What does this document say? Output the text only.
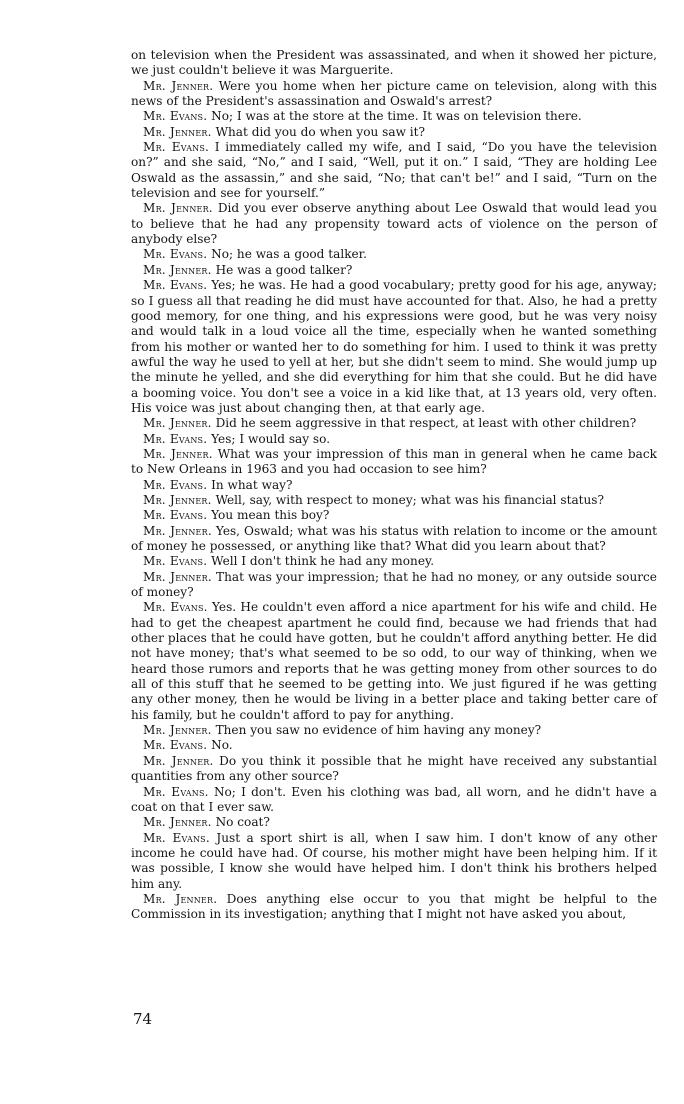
on television when the President was assassinated, and when it showed her picture, we just couldn't believe it was Marguerite.

Mr. Jenner. Were you home when her picture came on television, along with this news of the President's assassination and Oswald's arrest?

Mr. Evans. No; I was at the store at the time. It was on television there.

Mr. Jenner. What did you do when you saw it?

Mr. Evans. I immediately called my wife, and I said, “Do you have the television on?” and she said, “No,” and I said, “Well, put it on.” I said, “They are holding Lee Oswald as the assassin,” and she said, “No; that can't be!” and I said, “Turn on the television and see for yourself.”

Mr. Jenner. Did you ever observe anything about Lee Oswald that would lead you to believe that he had any propensity toward acts of violence on the person of anybody else?

Mr. Evans. No; he was a good talker.

Mr. Jenner. He was a good talker?

Mr. Evans. Yes; he was. He had a good vocabulary; pretty good for his age, anyway; so I guess all that reading he did must have accounted for that. Also, he had a pretty good memory, for one thing, and his expressions were good, but he was very noisy and would talk in a loud voice all the time, especially when he wanted something from his mother or wanted her to do something for him. I used to think it was pretty awful the way he used to yell at her, but she didn't seem to mind. She would jump up the minute he yelled, and she did everything for him that she could. But he did have a booming voice. You don't see a voice in a kid like that, at 13 years old, very often. His voice was just about changing then, at that early age.

Mr. Jenner. Did he seem aggressive in that respect, at least with other children?

Mr. Evans. Yes; I would say so.

Mr. Jenner. What was your impression of this man in general when he came back to New Orleans in 1963 and you had occasion to see him?

Mr. Evans. In what way?

Mr. Jenner. Well, say, with respect to money; what was his financial status?

Mr. Evans. You mean this boy?

Mr. Jenner. Yes, Oswald; what was his status with relation to income or the amount of money he possessed, or anything like that? What did you learn about that?

Mr. Evans. Well I don't think he had any money.

Mr. Jenner. That was your impression; that he had no money, or any outside source of money?

Mr. Evans. Yes. He couldn't even afford a nice apartment for his wife and child. He had to get the cheapest apartment he could find, because we had friends that had other places that he could have gotten, but he couldn't afford anything better. He did not have money; that's what seemed to be so odd, to our way of thinking, when we heard those rumors and reports that he was getting money from other sources to do all of this stuff that he seemed to be getting into. We just figured if he was getting any other money, then he would be living in a better place and taking better care of his family, but he couldn't afford to pay for anything.

Mr. Jenner. Then you saw no evidence of him having any money?

Mr. Evans. No.

Mr. Jenner. Do you think it possible that he might have received any substantial quantities from any other source?

Mr. Evans. No; I don't. Even his clothing was bad, all worn, and he didn't have a coat on that I ever saw.

Mr. Jenner. No coat?

Mr. Evans. Just a sport shirt is all, when I saw him. I don't know of any other income he could have had. Of course, his mother might have been helping him. If it was possible, I know she would have helped him. I don't think his brothers helped him any.

Mr. Jenner. Does anything else occur to you that might be helpful to the Commission in its investigation; anything that I might not have asked you about,

74
